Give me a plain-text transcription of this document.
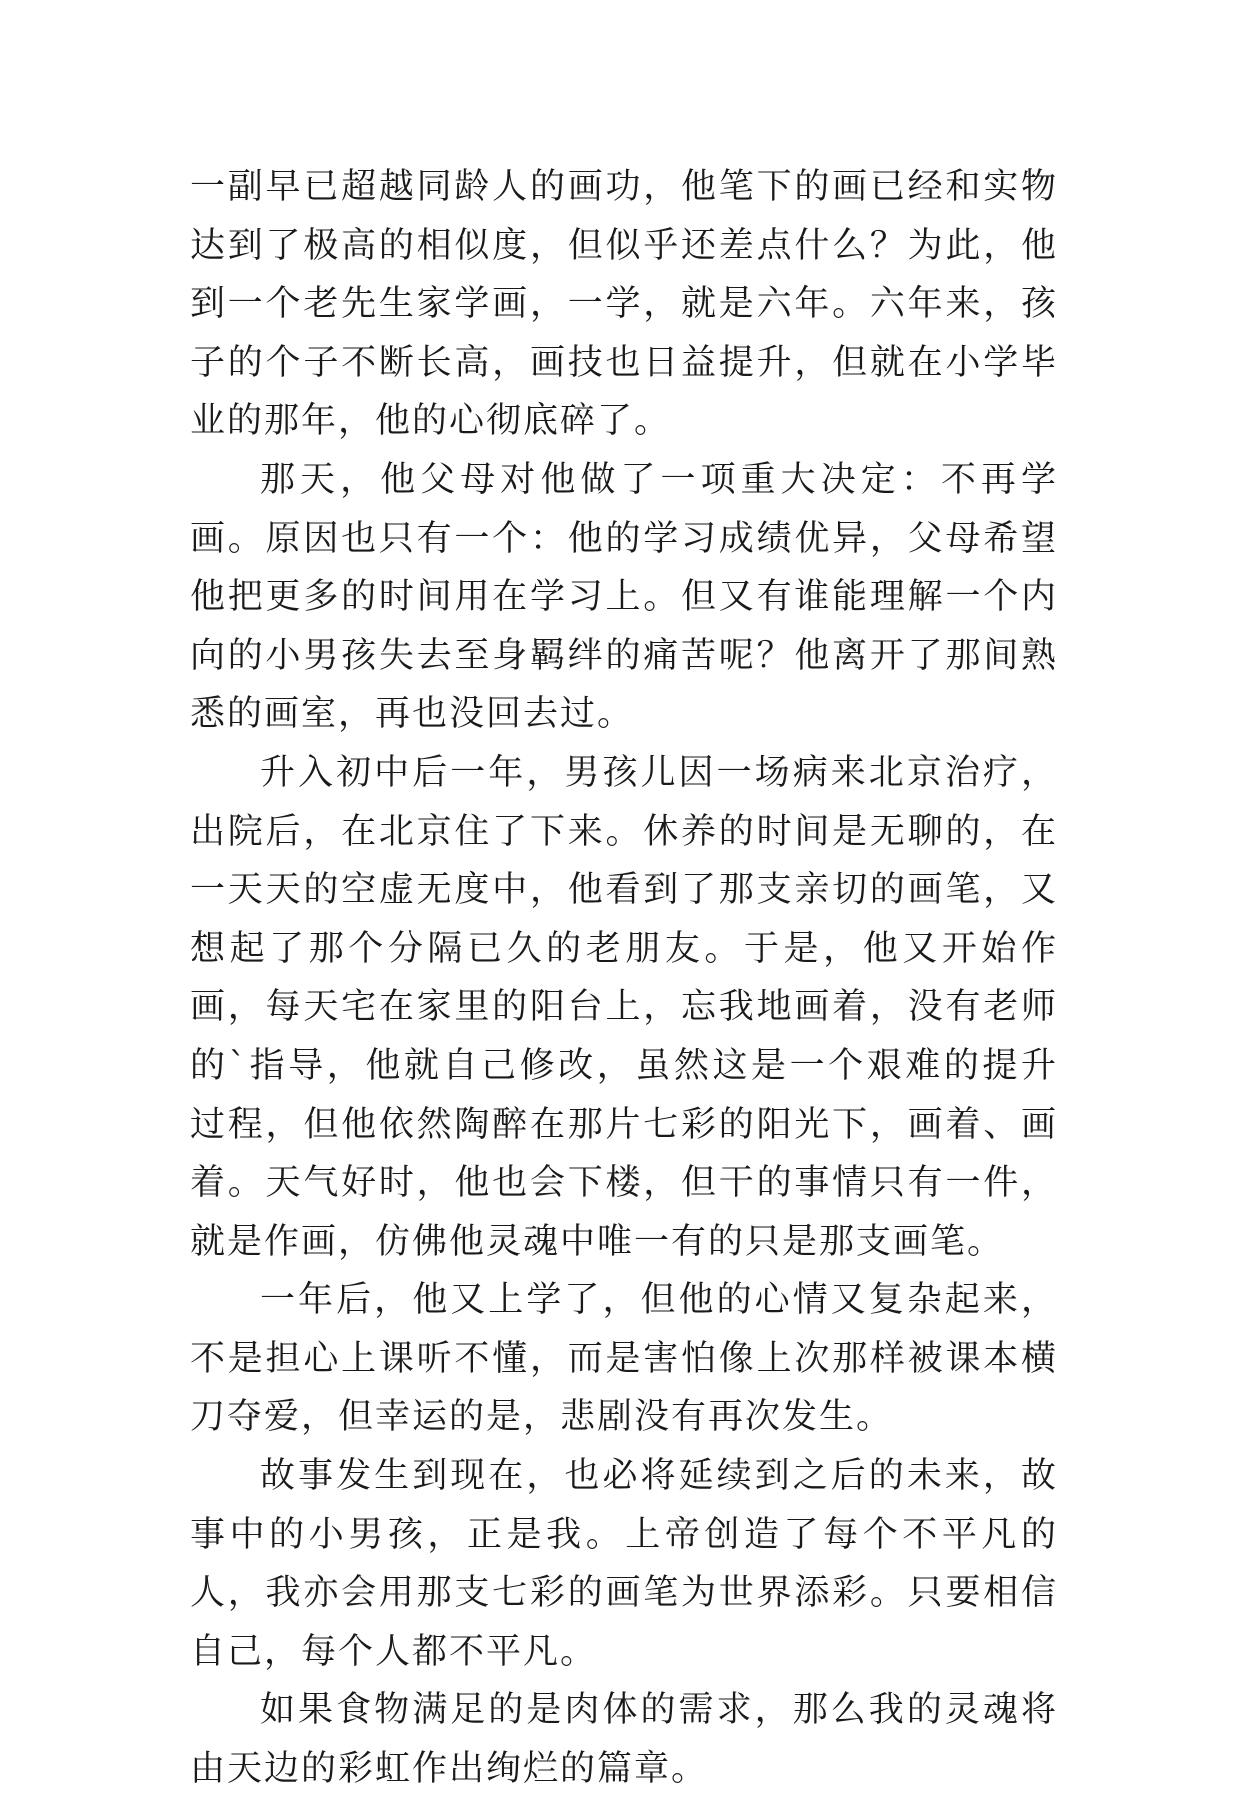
一副早已超越同龄人的画功，他笔下的画已经和实物达到了极高的相似度，但似乎还差点什么？为此，他到一个老先生家学画，一学，就是六年。六年来，孩子的个子不断长高，画技也日益提升，但就在小学毕业的那年，他的心彻底碎了。

那天，他父母对他做了一项重大决定：不再学画。原因也只有一个：他的学习成绩优异，父母希望他把更多的时间用在学习上。但又有谁能理解一个内向的小男孩失去至身羁绊的痛苦呢？他离开了那间熟悉的画室，再也没回去过。

升入初中后一年，男孩儿因一场病来北京治疗，出院后，在北京住了下来。休养的时间是无聊的，在一天天的空虚无度中，他看到了那支亲切的画笔，又想起了那个分隔已久的老朋友。于是，他又开始作画，每天宅在家里的阳台上，忘我地画着，没有老师的`指导，他就自己修改，虽然这是一个艰难的提升过程，但他依然陶醉在那片七彩的阳光下，画着、画着。天气好时，他也会下楼，但干的事情只有一件，就是作画，仿佛他灵魂中唯一有的只是那支画笔。

一年后，他又上学了，但他的心情又复杂起来，不是担心上课听不懂，而是害怕像上次那样被课本横刀夺爱，但幸运的是，悲剧没有再次发生。

故事发生到现在，也必将延续到之后的未来，故事中的小男孩，正是我。上帝创造了每个不平凡的人，我亦会用那支七彩的画笔为世界添彩。只要相信自己，每个人都不平凡。

如果食物满足的是肉体的需求，那么我的灵魂将由天边的彩虹作出绚烂的篇章。
